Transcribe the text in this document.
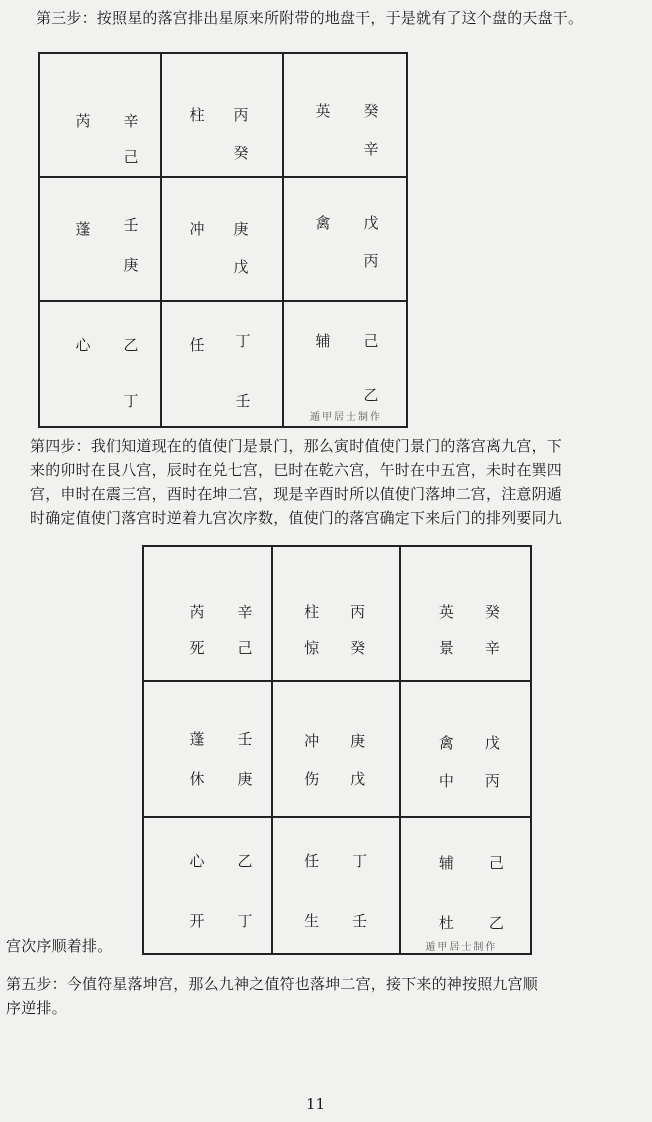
第三步：按照星的落宫排出星原来所附带的地盘干，于是就有了这个盘的天盘干。
芮 辛
己
柱 丙
癸
英 癸
辛
蓬 壬
庚
冲 庚
戊
禽 戊
丙
心 乙
丁
任 丁
壬
辅 己
乙
遁甲居士制作
第四步：我们知道现在的值使门是景门，那么寅时值使门景门的落宫离九宫，下
来的卯时在艮八宫，辰时在兑七宫，巳时在乾六宫，午时在中五宫，未时在巽四
宫，申时在震三宫，酉时在坤二宫，现是辛酉时所以值使门落坤二宫，注意阴遁
时确定值使门落宫时逆着九宫次序数，值使门的落宫确定下来后门的排列要同九
芮 辛
死 己
柱 丙
惊 癸
英 癸
景 辛
蓬 壬
休 庚
冲 庚
伤 戊
禽 戊
中 丙
心 乙
开 丁
任 丁
生 壬
辅 己
杜 乙
遁甲居士制作
宫次序顺着排。
第五步：今值符星落坤宫，那么九神之值符也落坤二宫，接下来的神按照九宫顺
序逆排。
11
